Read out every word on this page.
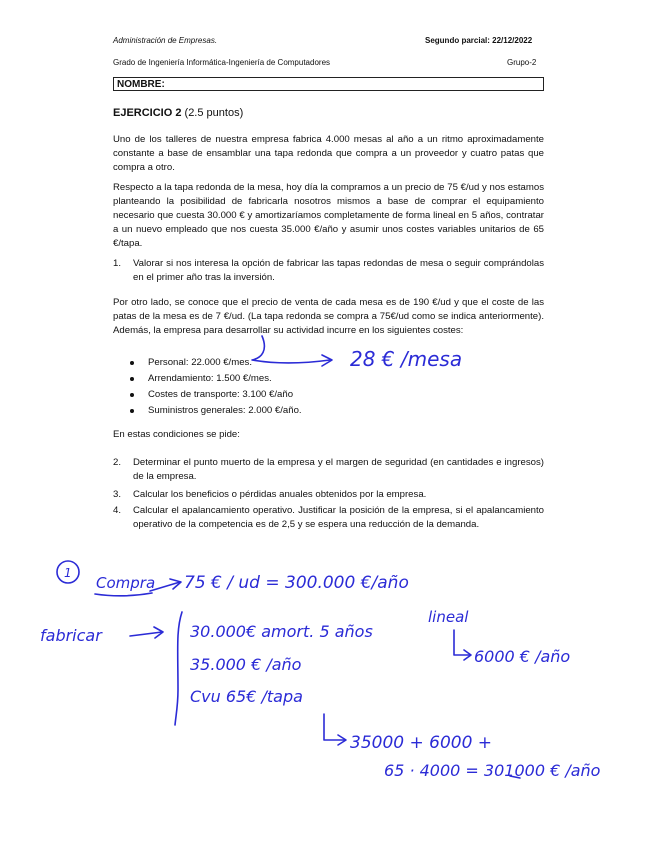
Administración de Empresas.	Segundo parcial: 22/12/2022
Grado de Ingeniería Informática-Ingeniería de Computadores	Grupo-2
NOMBRE:
EJERCICIO 2 (2.5 puntos)

Uno de los talleres de nuestra empresa fabrica 4.000 mesas al año a un ritmo aproximadamente constante a base de ensamblar una tapa redonda que compra a un proveedor y cuatro patas que compra a otro.

Respecto a la tapa redonda de la mesa, hoy día la compramos a un precio de 75 €/ud y nos estamos planteando la posibilidad de fabricarla nosotros mismos a base de comprar el equipamiento necesario que cuesta 30.000 € y amortizaríamos completamente de forma lineal en 5 años, contratar a un nuevo empleado que nos cuesta 35.000 €/año y asumir unos costes variables unitarios de 65 €/tapa.

1. Valorar si nos interesa la opción de fabricar las tapas redondas de mesa o seguir comprándolas en el primer año tras la inversión.

Por otro lado, se conoce que el precio de venta de cada mesa es de 190 €/ud y que el coste de las patas de la mesa es de 7 €/ud. (La tapa redonda se compra a 75€/ud como se indica anteriormente). Además, la empresa para desarrollar su actividad incurre en los siguientes costes:

Personal: 22.000 €/mes.
Arrendamiento: 1.500 €/mes.
Costes de transporte: 3.100 €/año
Suministros generales: 2.000 €/año.

En estas condiciones se pide:

2. Determinar el punto muerto de la empresa y el margen de seguridad (en cantidades e ingresos) de la empresa.
3. Calcular los beneficios o pérdidas anuales obtenidos por la empresa.
4. Calcular el apalancamiento operativo. Justificar la posición de la empresa, si el apalancamiento operativo de la competencia es de 2,5 y se espera una reducción de la demanda.
28 € /mesa
1
Compra 75 € / ud = 300.000 €/año
fabricar	30.000€ amort. 5 años
lineal
6000 € /año
35.000 € /año
Cvu 65€ /tapa
35000 + 6000 +
65 · 4000 = 301000 € /año
